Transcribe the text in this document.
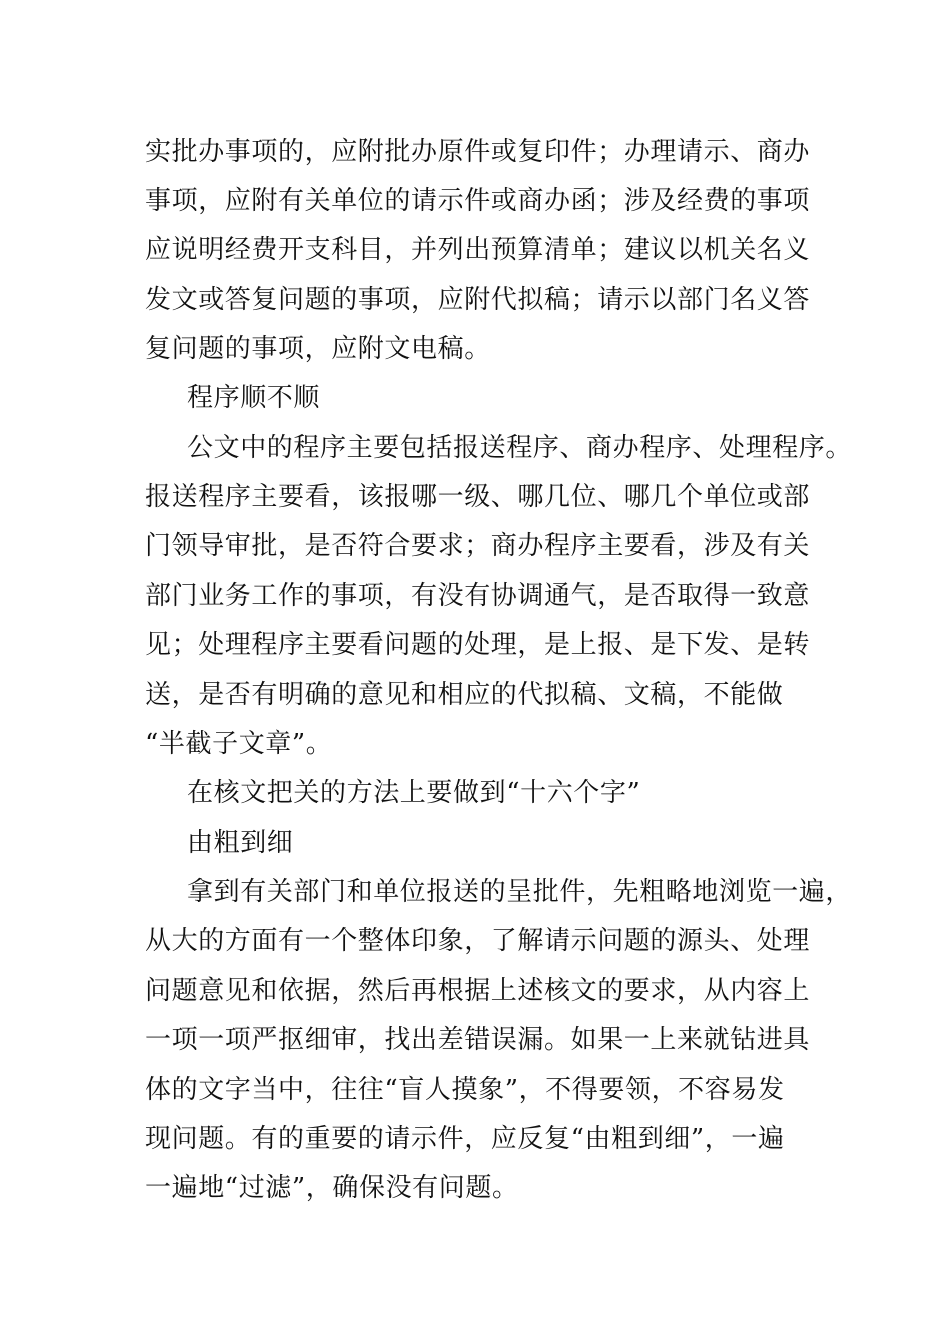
实批办事项的，应附批办原件或复印件；办理请示、商办

事项，应附有关单位的请示件或商办函；涉及经费的事项

应说明经费开支科目，并列出预算清单；建议以机关名义

发文或答复问题的事项，应附代拟稿；请示以部门名义答

复问题的事项，应附文电稿。

程序顺不顺

公文中的程序主要包括报送程序、商办程序、处理程序。

报送程序主要看，该报哪一级、哪几位、哪几个单位或部

门领导审批，是否符合要求；商办程序主要看，涉及有关

部门业务工作的事项，有没有协调通气，是否取得一致意

见；处理程序主要看问题的处理，是上报、是下发、是转

送，是否有明确的意见和相应的代拟稿、文稿，不能做

“半截子文章”。

在核文把关的方法上要做到“十六个字”

由粗到细

拿到有关部门和单位报送的呈批件，先粗略地浏览一遍，

从大的方面有一个整体印象，了解请示问题的源头、处理

问题意见和依据，然后再根据上述核文的要求，从内容上

一项一项严抠细审，找出差错误漏。如果一上来就钻进具

体的文字当中，往往“盲人摸象”，不得要领，不容易发

现问题。有的重要的请示件，应反复“由粗到细”，一遍

一遍地“过滤”，确保没有问题。
